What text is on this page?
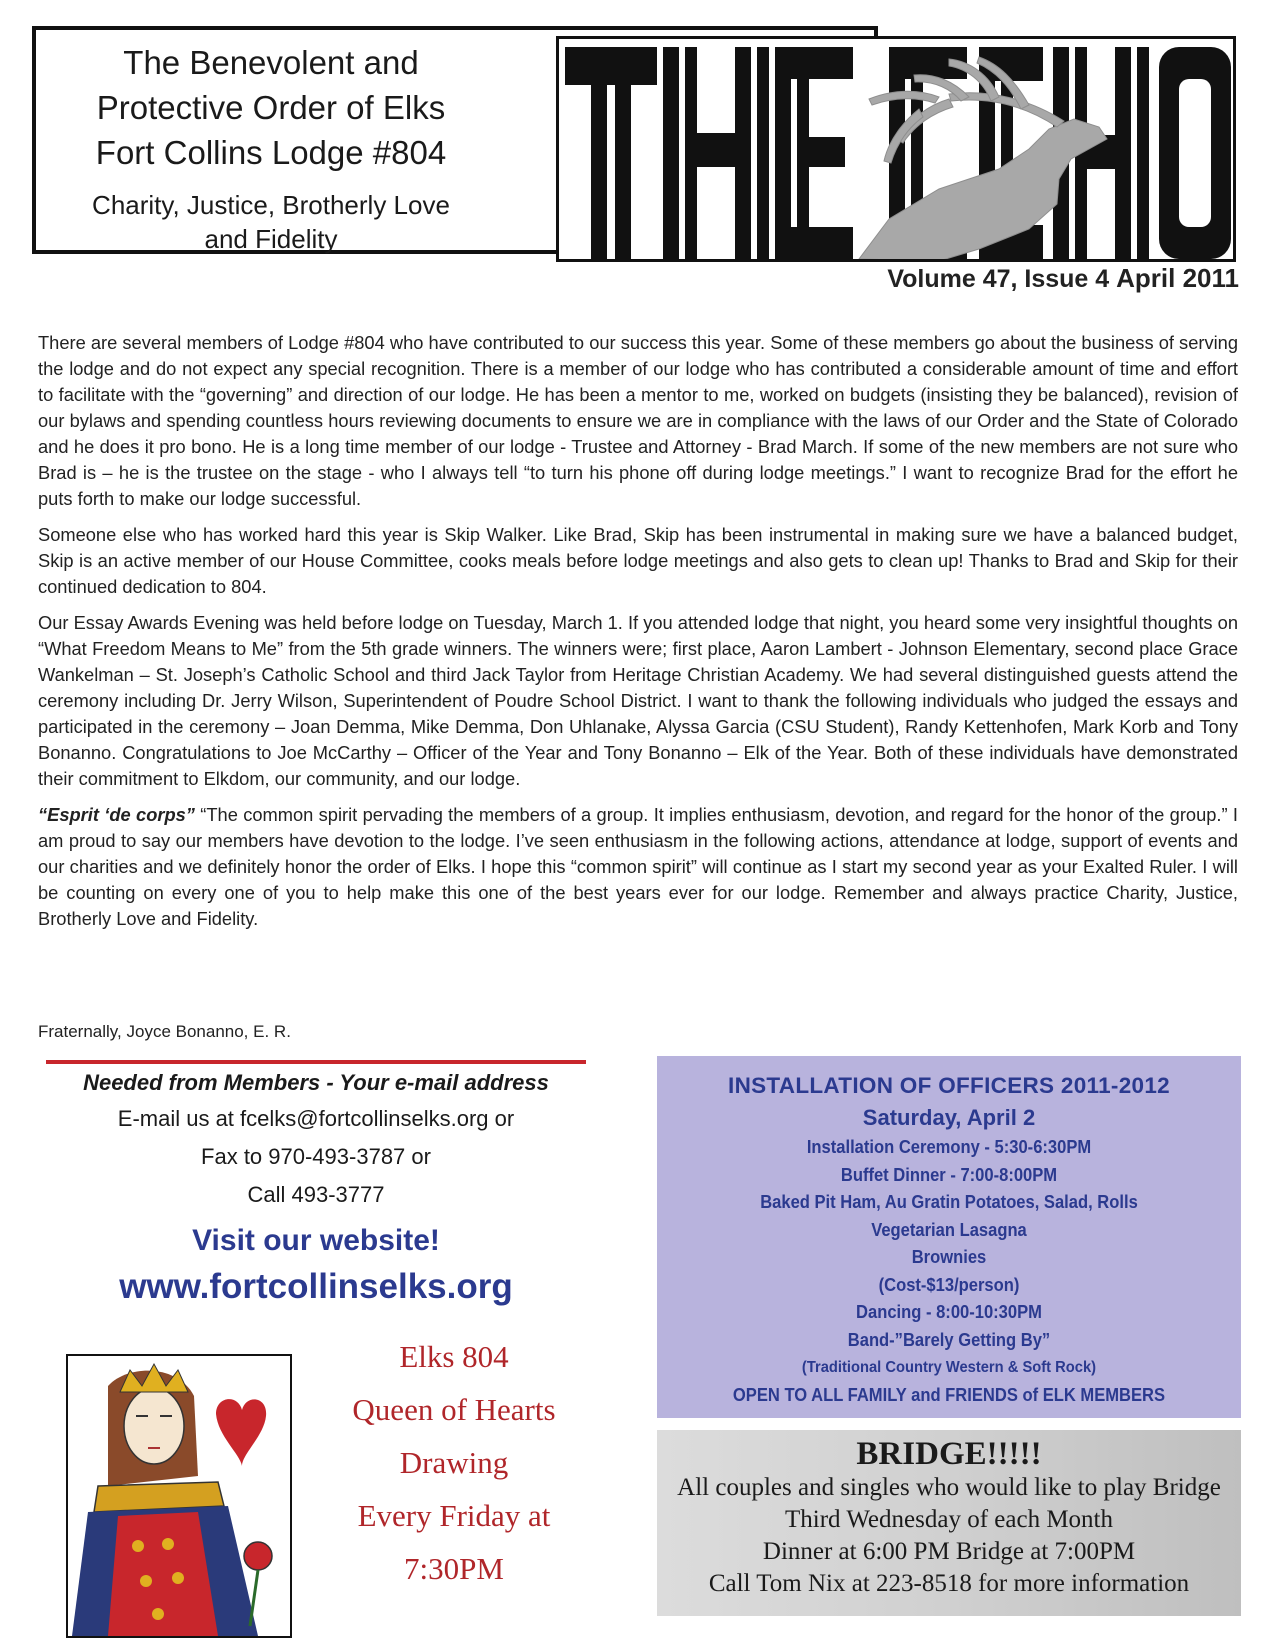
The Benevolent and
Protective Order of Elks
Fort Collins Lodge #804
Charity, Justice, Brotherly Love
and Fidelity
Volume 47, Issue 4 April 2011

There are several members of Lodge #804 who have contributed to our success this year. Some of these members go about the business of serving the lodge and do not expect any special recognition. There is a member of our lodge who has contributed a considerable amount of time and effort to facilitate with the “governing” and direction of our lodge. He has been a mentor to me, worked on budgets (insisting they be balanced), revision of our bylaws and spending countless hours reviewing documents to ensure we are in compliance with the laws of our Order and the State of Colorado and he does it pro bono. He is a long time member of our lodge - Trustee and Attorney - Brad March. If some of the new members are not sure who Brad is – he is the trustee on the stage - who I always tell “to turn his phone off during lodge meetings.” I want to recognize Brad for the effort he puts forth to make our lodge successful.

Someone else who has worked hard this year is Skip Walker. Like Brad, Skip has been instrumental in making sure we have a balanced budget, Skip is an active member of our House Committee, cooks meals before lodge meetings and also gets to clean up! Thanks to Brad and Skip for their continued dedication to 804.

Our Essay Awards Evening was held before lodge on Tuesday, March 1. If you attended lodge that night, you heard some very insightful thoughts on “What Freedom Means to Me” from the 5th grade winners. The winners were; first place, Aaron Lambert - Johnson Elementary, second place Grace Wankelman – St. Joseph’s Catholic School and third Jack Taylor from Heritage Christian Academy. We had several distinguished guests attend the ceremony including Dr. Jerry Wilson, Superintendent of Poudre School District. I want to thank the following individuals who judged the essays and participated in the ceremony – Joan Demma, Mike Demma, Don Uhlanake, Alyssa Garcia (CSU Student), Randy Kettenhofen, Mark Korb and Tony Bonanno. Congratulations to Joe McCarthy – Officer of the Year and Tony Bonanno – Elk of the Year. Both of these individuals have demonstrated their commitment to Elkdom, our community, and our lodge.

“Esprit ‘de corps” “The common spirit pervading the members of a group. It implies enthusiasm, devotion, and regard for the honor of the group.” I am proud to say our members have devotion to the lodge. I’ve seen enthusiasm in the following actions, attendance at lodge, support of events and our charities and we definitely honor the order of Elks. I hope this “common spirit” will continue as I start my second year as your Exalted Ruler. I will be counting on every one of you to help make this one of the best years ever for our lodge. Remember and always practice Charity, Justice, Brotherly Love and Fidelity.

Fraternally, Joyce Bonanno, E. R.
Needed from Members - Your e-mail address
E-mail us at fcelks@fortcollinselks.org or
Fax to 970-493-3787 or
Call 493-3777
Visit our website!
www.fortcollinselks.org
Elks 804
Queen of Hearts
Drawing
Every Friday at
7:30PM
INSTALLATION OF OFFICERS 2011-2012
Saturday, April 2
Installation Ceremony - 5:30-6:30PM
Buffet Dinner - 7:00-8:00PM
Baked Pit Ham, Au Gratin Potatoes, Salad, Rolls
Vegetarian Lasagna
Brownies
(Cost-$13/person)
Dancing - 8:00-10:30PM
Band-”Barely Getting By”
(Traditional Country Western & Soft Rock)
OPEN TO ALL FAMILY and FRIENDS of ELK MEMBERS
BRIDGE!!!!!
All couples and singles who would like to play Bridge
Third Wednesday of each Month
Dinner at 6:00 PM Bridge at 7:00PM
Call Tom Nix at 223-8518 for more information
